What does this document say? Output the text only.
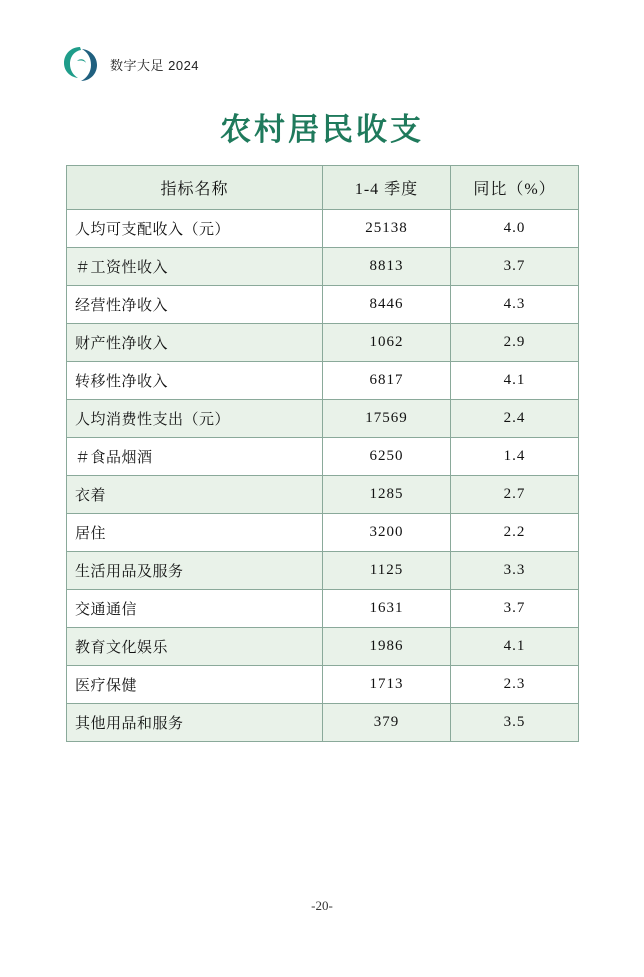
数字大足 2024
农村居民收支
指标名称	1-4 季度	同比（%）
人均可支配收入（元）	25138	4.0
＃工资性收入	8813	3.7
经营性净收入	8446	4.3
财产性净收入	1062	2.9
转移性净收入	6817	4.1
人均消费性支出（元）	17569	2.4
＃食品烟酒	6250	1.4
衣着	1285	2.7
居住	3200	2.2
生活用品及服务	1125	3.3
交通通信	1631	3.7
教育文化娱乐	1986	4.1
医疗保健	1713	2.3
其他用品和服务	379	3.5
-20-
